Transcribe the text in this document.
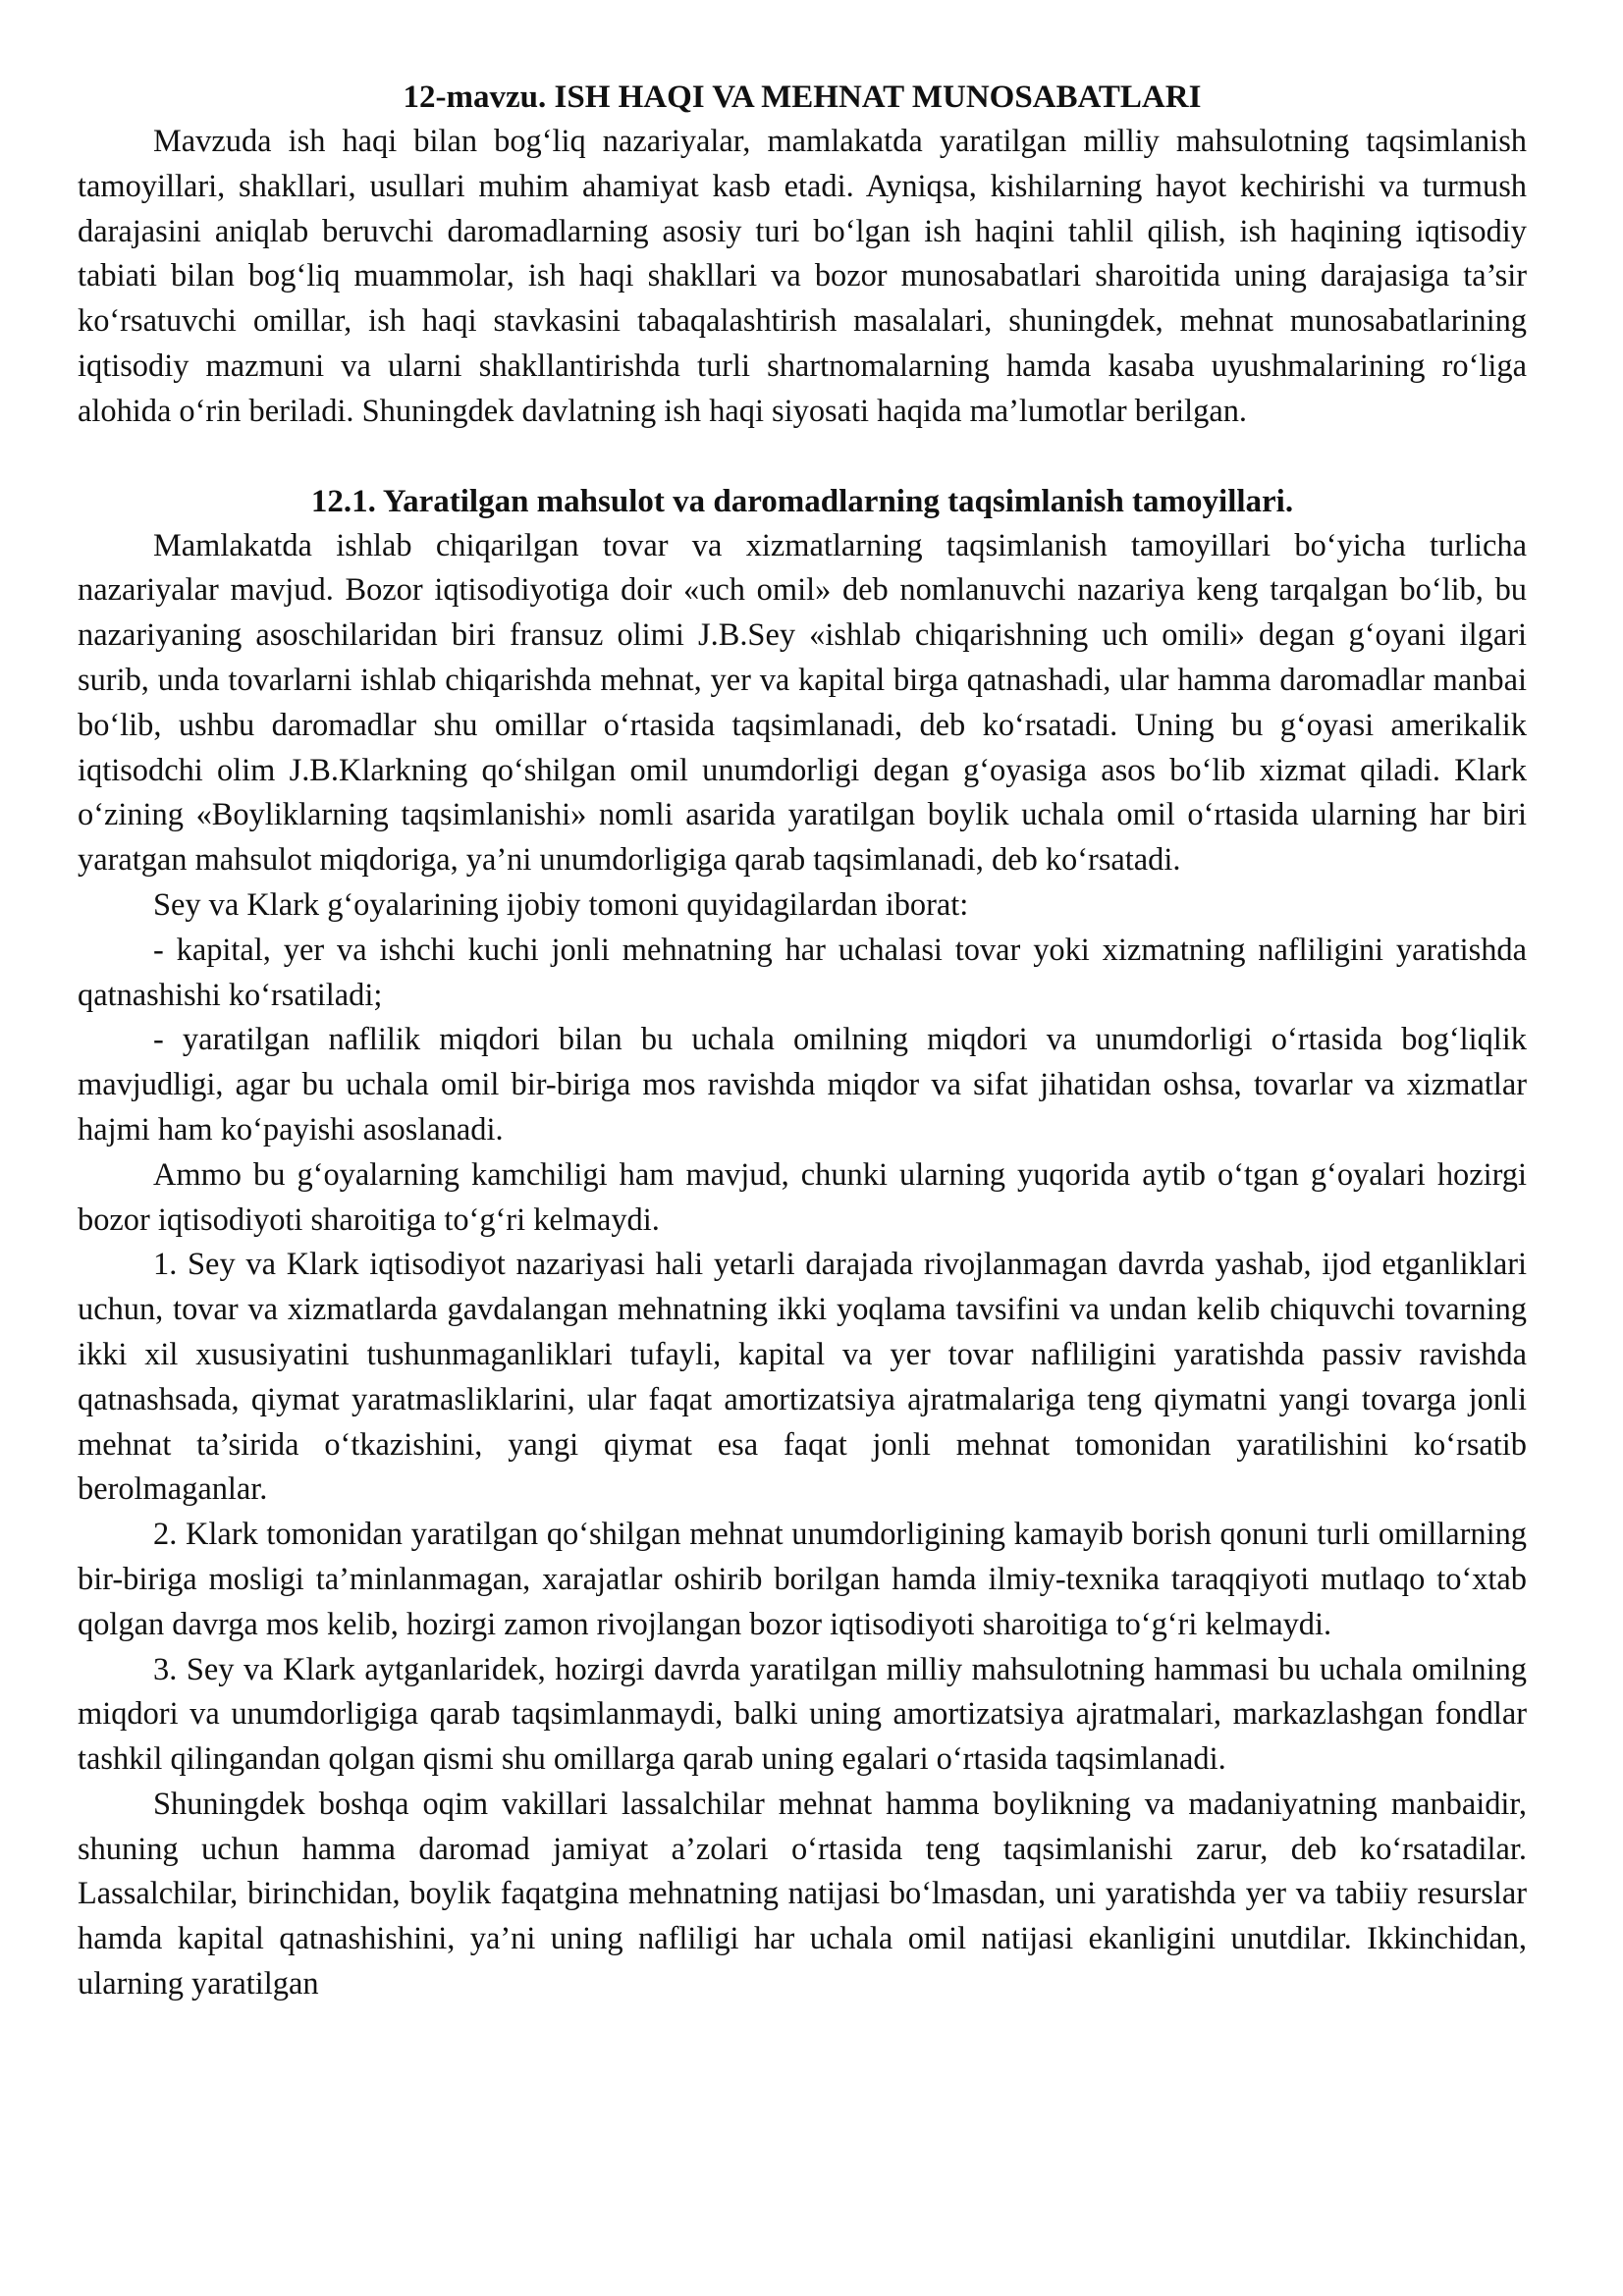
12-mavzu. ISH HAQI VA MEHNAT MUNOSABATLARI

Mavzuda ish haqi bilan bog‘liq nazariyalar, mamlakatda yaratilgan milliy mahsulotning taqsimlanish tamoyillari, shakllari, usullari muhim ahamiyat kasb etadi. Ayniqsa, kishilarning hayot kechirishi va turmush darajasini aniqlab beruvchi daromadlarning asosiy turi bo‘lgan ish haqini tahlil qilish, ish haqining iqtisodiy tabiati bilan bog‘liq muammolar, ish haqi shakllari va bozor munosabatlari sharoitida uning darajasiga ta’sir ko‘rsatuvchi omillar, ish haqi stavkasini tabaqalashtirish masalalari, shuningdek, mehnat munosabatlarining iqtisodiy mazmuni va ularni shakllantirishda turli shartnomalarning hamda kasaba uyushmalarining ro‘liga alohida o‘rin beriladi. Shuningdek davlatning ish haqi siyosati haqida ma’lumotlar berilgan.

12.1. Yaratilgan mahsulot va daromadlarning taqsimlanish tamoyillari.

Mamlakatda ishlab chiqarilgan tovar va xizmatlarning taqsimlanish tamoyillari bo‘yicha turlicha nazariyalar mavjud. Bozor iqtisodiyotiga doir «uch omil» deb nomlanuvchi nazariya keng tarqalgan bo‘lib, bu nazariyaning asoschilaridan biri fransuz olimi J.B.Sey «ishlab chiqarishning uch omili» degan g‘oyani ilgari surib, unda tovarlarni ishlab chiqarishda mehnat, yer va kapital birga qatnashadi, ular hamma daromadlar manbai bo‘lib, ushbu daromadlar shu omillar o‘rtasida taqsimlanadi, deb ko‘rsatadi. Uning bu g‘oyasi amerikalik iqtisodchi olim J.B.Klarkning qo‘shilgan omil unumdorligi degan g‘oyasiga asos bo‘lib xizmat qiladi. Klark o‘zining «Boyliklarning taqsimlanishi» nomli asarida yaratilgan boylik uchala omil o‘rtasida ularning har biri yaratgan mahsulot miqdoriga, ya’ni unumdorligiga qarab taqsimlanadi, deb ko‘rsatadi.

Sey va Klark g‘oyalarining ijobiy tomoni quyidagilardan iborat:

- kapital, yer va ishchi kuchi jonli mehnatning har uchalasi tovar yoki xizmatning nafliligini yaratishda qatnashishi ko‘rsatiladi;

- yaratilgan naflilik miqdori bilan bu uchala omilning miqdori va unumdorligi o‘rtasida bog‘liqlik mavjudligi, agar bu uchala omil bir-biriga mos ravishda miqdor va sifat jihatidan oshsa, tovarlar va xizmatlar hajmi ham ko‘payishi asoslanadi.

Ammo bu g‘oyalarning kamchiligi ham mavjud, chunki ularning yuqorida aytib o‘tgan g‘oyalari hozirgi bozor iqtisodiyoti sharoitiga to‘g‘ri kelmaydi.

1. Sey va Klark iqtisodiyot nazariyasi hali yetarli darajada rivojlanmagan davrda yashab, ijod etganliklari uchun, tovar va xizmatlarda gavdalangan mehnatning ikki yoqlama tavsifini va undan kelib chiquvchi tovarning ikki xil xususiyatini tushunmaganliklari tufayli, kapital va yer tovar nafliligini yaratishda passiv ravishda qatnashsada, qiymat yaratmasliklarini, ular faqat amortizatsiya ajratmalariga teng qiymatni yangi tovarga jonli mehnat ta’sirida o‘tkazishini, yangi qiymat esa faqat jonli mehnat tomonidan yaratilishini ko‘rsatib berolmaganlar.

2. Klark tomonidan yaratilgan qo‘shilgan mehnat unumdorligining kamayib borish qonuni turli omillarning bir-biriga mosligi ta’minlanmagan, xarajatlar oshirib borilgan hamda ilmiy-texnika taraqqiyoti mutlaqo to‘xtab qolgan davrga mos kelib, hozirgi zamon rivojlangan bozor iqtisodiyoti sharoitiga to‘g‘ri kelmaydi.

3. Sey va Klark aytganlaridek, hozirgi davrda yaratilgan milliy mahsulotning hammasi bu uchala omilning miqdori va unumdorligiga qarab taqsimlanmaydi, balki uning amortizatsiya ajratmalari, markazlashgan fondlar tashkil qilingandan qolgan qismi shu omillarga qarab uning egalari o‘rtasida taqsimlanadi.

Shuningdek boshqa oqim vakillari lassalchilar mehnat hamma boylikning va madaniyatning manbaidir, shuning uchun hamma daromad jamiyat a’zolari o‘rtasida teng taqsimlanishi zarur, deb ko‘rsatadilar. Lassalchilar, birinchidan, boylik faqatgina mehnatning natijasi bo‘lmasdan, uni yaratishda yer va tabiiy resurslar hamda kapital qatnashishini, ya’ni uning nafliligi har uchala omil natijasi ekanligini unutdilar. Ikkinchidan, ularning yaratilgan
